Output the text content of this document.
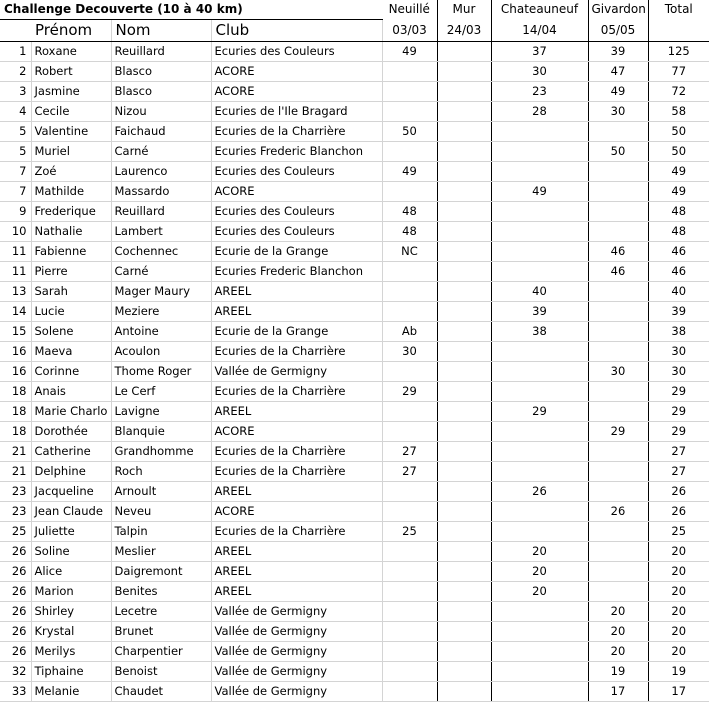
Challenge Decouverte (10 à 40 km)				Neuillé	Mur	Chateauneuf	Givardon	Total
	Prénom	Nom	Club	03/03	24/03	14/04	05/05	
1	Roxane	Reuillard	Ecuries des Couleurs	49		37	39	125
2	Robert	Blasco	ACORE			30	47	77
3	Jasmine	Blasco	ACORE			23	49	72
4	Cecile	Nizou	Ecuries de l'Ile Bragard			28	30	58
5	Valentine	Faichaud	Ecuries de la Charrière	50				50
5	Muriel	Carné	Ecuries Frederic Blanchon				50	50
7	Zoé	Laurenco	Ecuries des Couleurs	49				49
7	Mathilde	Massardo	ACORE			49		49
9	Frederique	Reuillard	Ecuries des Couleurs	48				48
10	Nathalie	Lambert	Ecuries des Couleurs	48				48
11	Fabienne	Cochennec	Ecurie de la Grange	NC			46	46
11	Pierre	Carné	Ecuries Frederic Blanchon				46	46
13	Sarah	Mager Maury	AREEL			40		40
14	Lucie	Meziere	AREEL			39		39
15	Solene	Antoine	Ecurie de la Grange	Ab		38		38
16	Maeva	Acoulon	Ecuries de la Charrière	30				30
16	Corinne	Thome Roger	Vallée de Germigny				30	30
18	Anais	Le Cerf	Ecuries de la Charrière	29				29
18	Marie Charlo	Lavigne	AREEL			29		29
18	Dorothée	Blanquie	ACORE				29	29
21	Catherine	Grandhomme	Ecuries de la Charrière	27				27
21	Delphine	Roch	Ecuries de la Charrière	27				27
23	Jacqueline	Arnoult	AREEL			26		26
23	Jean Claude	Neveu	ACORE				26	26
25	Juliette	Talpin	Ecuries de la Charrière	25				25
26	Soline	Meslier	AREEL			20		20
26	Alice	Daigremont	AREEL			20		20
26	Marion	Benites	AREEL			20		20
26	Shirley	Lecetre	Vallée de Germigny				20	20
26	Krystal	Brunet	Vallée de Germigny				20	20
26	Merilys	Charpentier	Vallée de Germigny				20	20
32	Tiphaine	Benoist	Vallée de Germigny				19	19
33	Melanie	Chaudet	Vallée de Germigny				17	17
